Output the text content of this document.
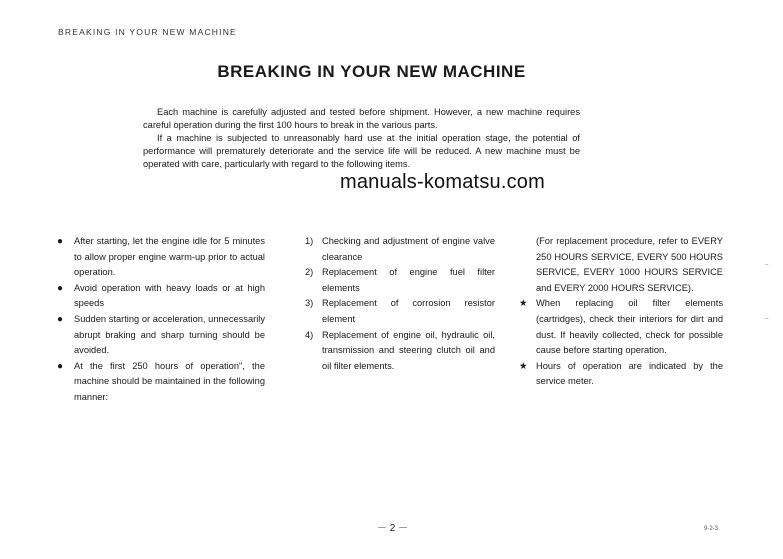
BREAKING IN YOUR NEW MACHINE
BREAKING IN YOUR NEW MACHINE

Each machine is carefully adjusted and tested before shipment. However, a new machine requires careful operation during the first 100 hours to break in the various parts.

If a machine is subjected to unreasonably hard use at the initial operation stage, the potential of performance will prematurely deteriorate and the service life will be reduced. A new machine must be operated with care, particularly with regard to the following items.

manuals-komatsu.com
● After starting, let the engine idle for 5 minutes to allow proper engine warm-up prior to actual operation.
● Avoid operation with heavy loads or at high speeds
● Sudden starting or acceleration, unnecessarily abrupt braking and sharp turning should be avoided.
● At the first 250 hours of operation", the machine should be maintained in the following manner:
1) Checking and adjustment of engine valve clearance
2) Replacement of engine fuel filter elements
3) Replacement of corrosion resistor element
4) Replacement of engine oil, hydraulic oil, transmission and steering clutch oil and oil filter elements.
(For replacement procedure, refer to EVERY 250 HOURS SERVICE, EVERY 500 HOURS SERVICE, EVERY 1000 HOURS SERVICE and EVERY 2000 HOURS SERVICE).
★ When replacing oil filter elements (cartridges), check their interiors for dirt and dust. If heavily collected, check for possible cause before starting operation.
★ Hours of operation are indicated by the service meter.
－ 2 －	9-2-3
–
–
